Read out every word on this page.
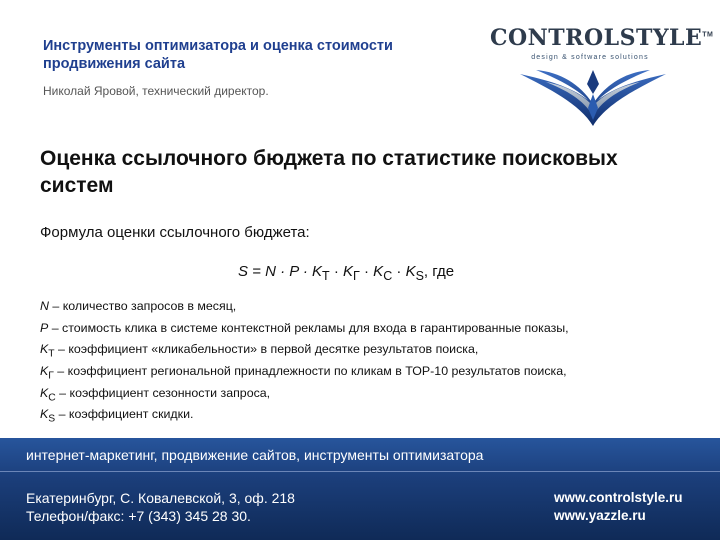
Инструменты оптимизатора и оценка стоимости продвижения сайта
Николай Яровой, технический директор.
CONTROLSTYLE™
design & software solutions
Оценка ссылочного бюджета по статистике поисковых систем
Формула оценки ссылочного бюджета:
$S = N \cdot P \cdot K_T \cdot K_Г \cdot K_C \cdot K_S$, где
N – количество запросов в месяц,
P – стоимость клика в системе контекстной рекламы для входа в гарантированные показы,
$K_T$ – коэффициент «кликабельности» в первой десятке результатов поиска,
$K_Г$ – коэффициент региональной принадлежности по кликам в ТОР-10 результатов поиска,
$K_C$ – коэффициент сезонности запроса,
$K_S$ – коэффициент скидки.
интернет-маркетинг, продвижение сайтов, инструменты оптимизатора
Екатеринбург, С. Ковалевской, 3, оф. 218
Телефон/факс: +7 (343) 345 28 30.
www.controlstyle.ru
www.yazzle.ru
